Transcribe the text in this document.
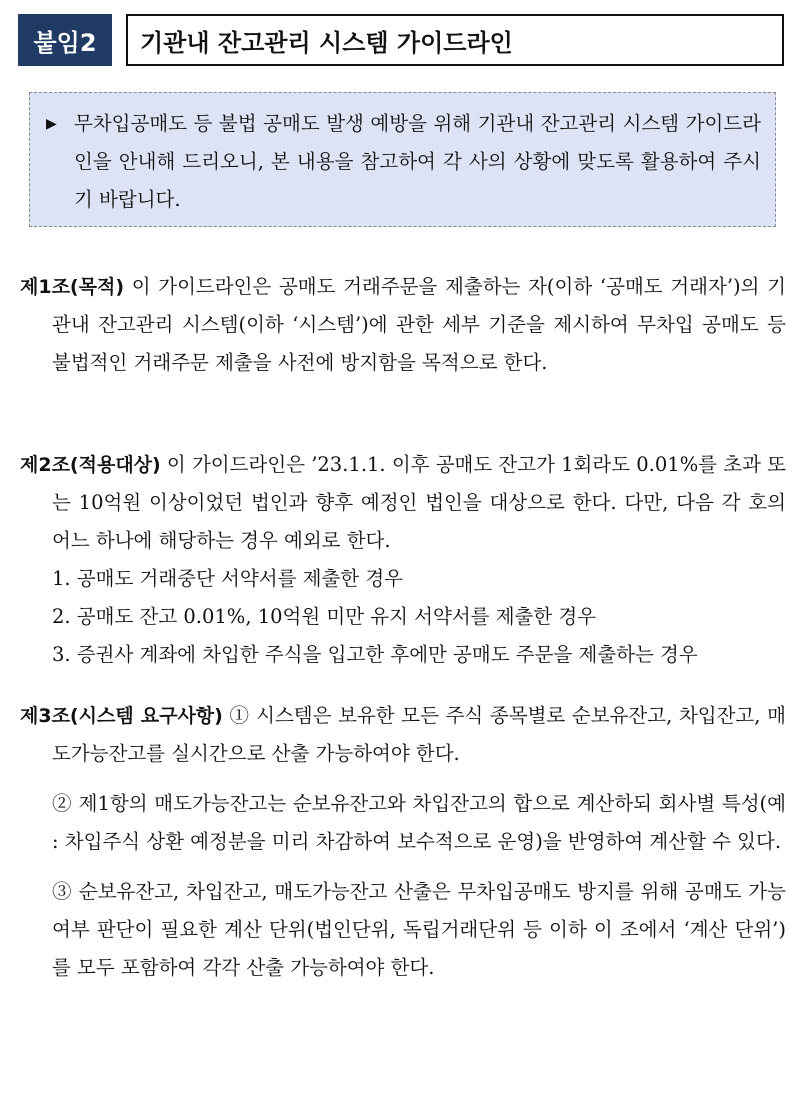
붙임2	기관내 잔고관리 시스템 가이드라인
▶ 무차입공매도 등 불법 공매도 발생 예방을 위해 기관내 잔고관리 시스템 가이드라인을 안내해 드리오니, 본 내용을 참고하여 각 사의 상황에 맞도록 활용하여 주시기 바랍니다.

제1조(목적) 이 가이드라인은 공매도 거래주문을 제출하는 자(이하 ‘공매도 거래자’)의 기관내 잔고관리 시스템(이하 ‘시스템’)에 관한 세부 기준을 제시하여 무차입 공매도 등 불법적인 거래주문 제출을 사전에 방지함을 목적으로 한다.

제2조(적용대상) 이 가이드라인은 ’23.1.1. 이후 공매도 잔고가 1회라도 0.01%를 초과 또는 10억원 이상이었던 법인과 향후 예정인 법인을 대상으로 한다. 다만, 다음 각 호의 어느 하나에 해당하는 경우 예외로 한다.

1. 공매도 거래중단 서약서를 제출한 경우

2. 공매도 잔고 0.01%, 10억원 미만 유지 서약서를 제출한 경우

3. 증권사 계좌에 차입한 주식을 입고한 후에만 공매도 주문을 제출하는 경우

제3조(시스템 요구사항) ① 시스템은 보유한 모든 주식 종목별로 순보유잔고, 차입잔고, 매도가능잔고를 실시간으로 산출 가능하여야 한다.

② 제1항의 매도가능잔고는 순보유잔고와 차입잔고의 합으로 계산하되 회사별 특성(예 : 차입주식 상환 예정분을 미리 차감하여 보수적으로 운영)을 반영하여 계산할 수 있다.

③ 순보유잔고, 차입잔고, 매도가능잔고 산출은 무차입공매도 방지를 위해 공매도 가능 여부 판단이 필요한 계산 단위(법인단위, 독립거래단위 등 이하 이 조에서 ‘계산 단위’)를 모두 포함하여 각각 산출 가능하여야 한다.
